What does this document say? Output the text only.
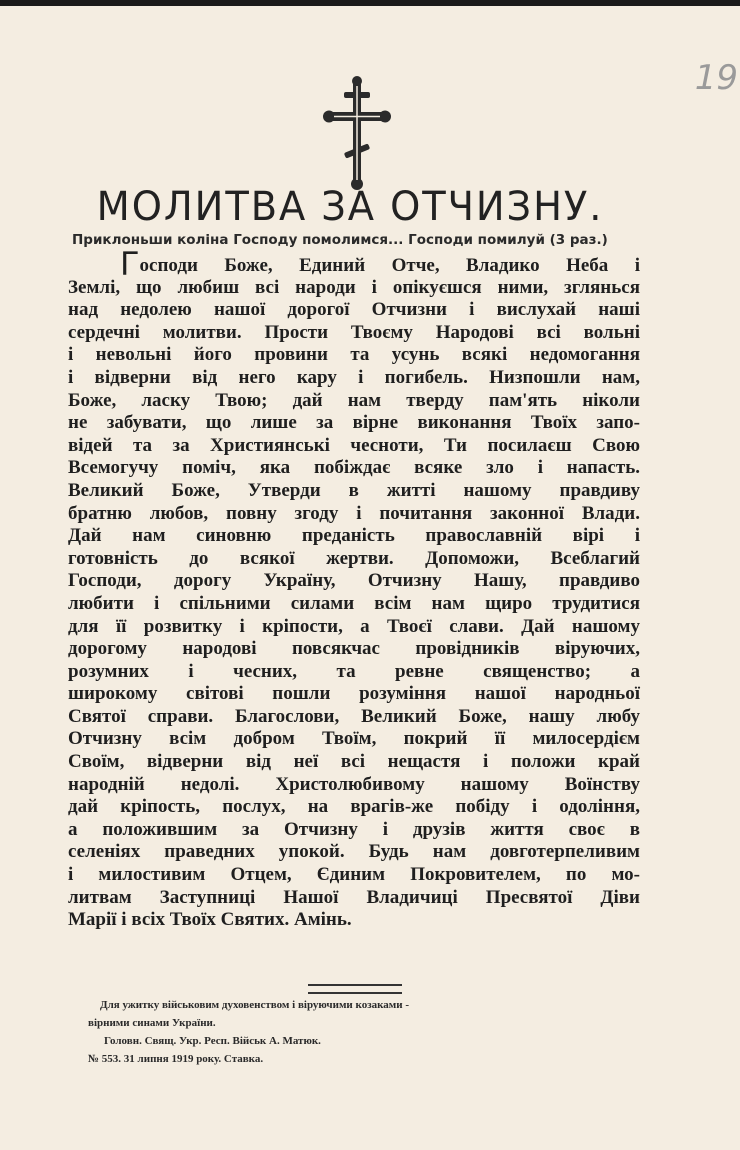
19
МОЛИТВА ЗА ОТЧИЗНУ.
Приклоньши коліна Господу помолимся... Господи помилуй (3 раз.)
Господи Боже, Единий Отче, Владико Неба і
Землі, що любиш всі народи і опікуєшся ними, зглянься
над недолею нашої дорогої Отчизни і вислухай наші
сердечні молитви. Прости Твоєму Народові всі вольні
і невольні його провини та усунь всякі недомогання
і відверни від него кару і погибель. Низпошли нам,
Боже, ласку Твою; дай нам тверду пам'ять ніколи
не забувати, що лише за вірне виконання Твоїх запо-
відей та за Християнські чесноти, Ти посилаєш Свою
Всемогучу поміч, яка побіждає всяке зло і напасть.
Великий Боже, Утверди в житті нашому правдиву
братню любов, повну згоду і почитання законної Влади.
Дай нам синовню преданість православній вірі і
готовність до всякої жертви. Допоможи, Всеблагий
Господи, дорогу Україну, Отчизну Нашу, правдиво
любити і спільними силами всім нам щиро трудитися
для її розвитку і кріпости, а Твоєї слави. Дай нашому
дорогому народові повсякчас провідників віруючих,
розумних і чесних, та ревне священство; а
широкому світові пошли розуміння нашої народньої
Святої справи. Благослови, Великий Боже, нашу любу
Отчизну всім добром Твоїм, покрий її милосердієм
Своїм, відверни від неї всі нещастя і положи край
народній недолі. Христолюбивому нашому Воїнству
дай кріпость, послух, на врагів-же побіду і одоління,
а положившим за Отчизну і друзів життя своє в
селеніях праведних упокой. Будь нам довготерпеливим
і милостивим Отцем, Єдиним Покровителем, по мо-
литвам Заступниці Нашої Владичиці Пресвятої Діви
Марії і всіх Твоїх Святих. Амінь.
Для ужитку військовим духовенством і віруючими козаками -
вірними синами України.
Головн. Свящ. Укр. Респ. Військ А. Матюк.
№ 553. 31 липня 1919 року. Ставка.
